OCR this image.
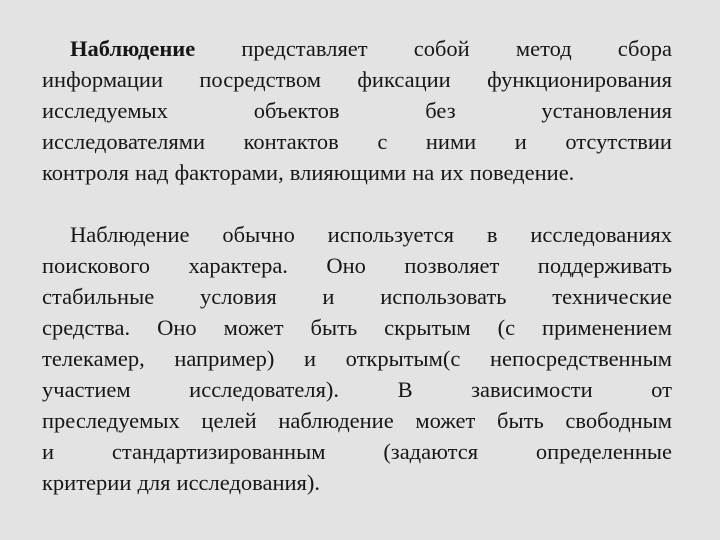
Наблюдение представляет собой метод сбора
информации посредством фиксации функционирования
исследуемых	объектов	без	установления
исследователями контактов с ними и отсутствии
контроля над факторами, влияющими на их поведение.
Наблюдение обычно используется в исследованиях
поискового характера. Оно позволяет поддерживать
стабильные условия и использовать технические
средства. Оно может быть скрытым (с применением
телекамер, например) и открытым(с непосредственным
участием	исследователя).	В	зависимости	от
преследуемых целей наблюдение может быть свободным
и	стандартизированным	(задаются	определенные
критерии для исследования).
